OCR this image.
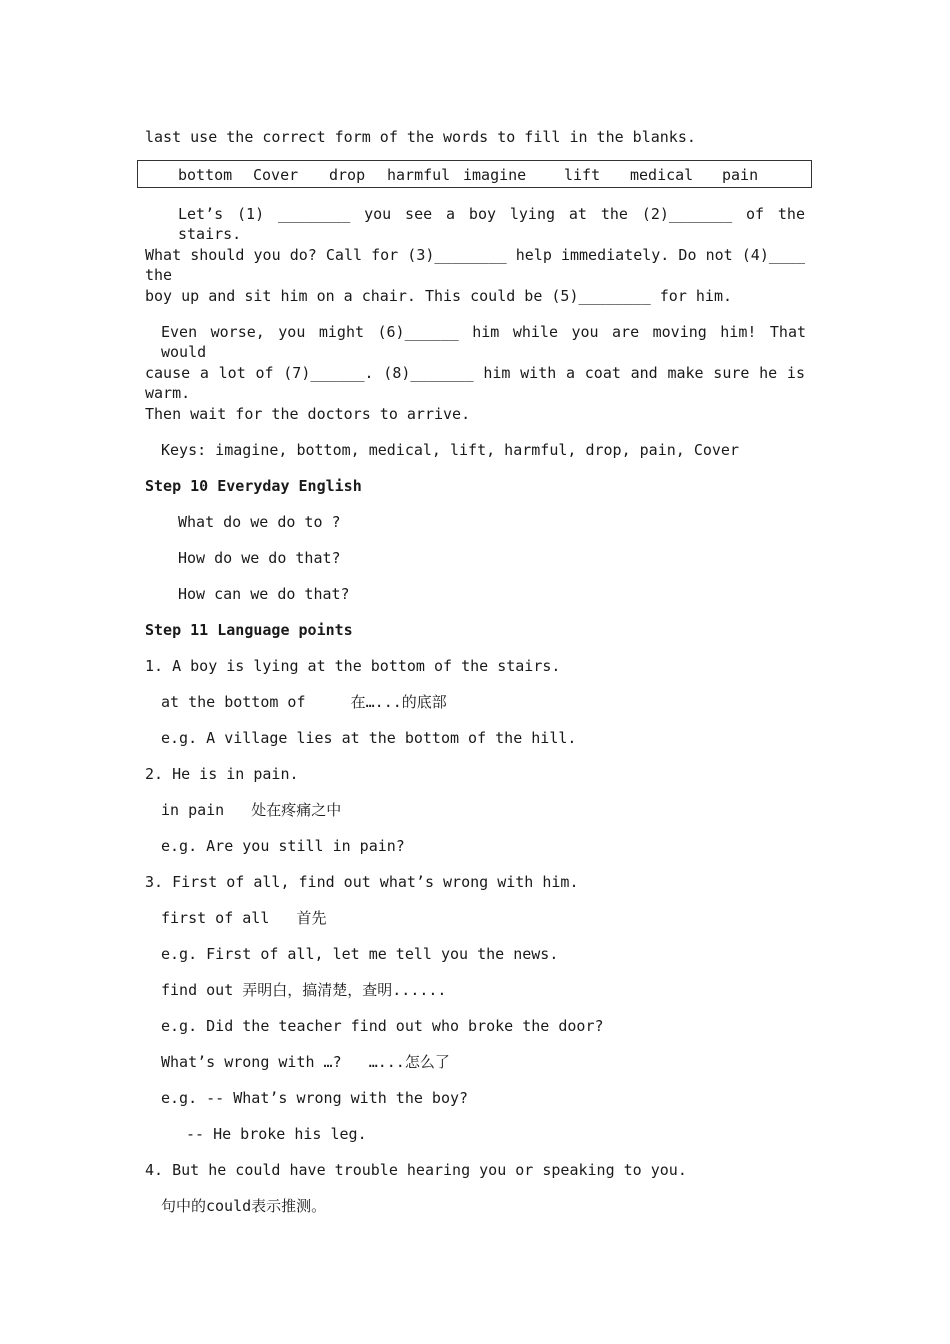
last use the correct form of the words to fill in the blanks.
bottom Cover drop harmful imagine	lift medical pain
Let’s (1) ________ you see a boy lying at the (2)_______ of the stairs.
What should you do? Call for (3)________ help immediately. Do not (4)____ the
boy up and sit him on a chair. This could be (5)________ for him.
Even worse, you might (6)______ him while you are moving him! That would
cause a lot of (7)______. (8)_______ him with a coat and make sure he is warm.
Then wait for the doctors to arrive.
Keys: imagine, bottom, medical, lift, harmful, drop, pain, Cover
Step 10 Everyday English
What do we do to ?
How do we do that?
How can we do that?
Step 11 Language points
1. A boy is lying at the bottom of the stairs.
at the bottom of     在…...的底部
e.g. A village lies at the bottom of the hill.
2. He is in pain.
in pain   处在疼痛之中
e.g. Are you still in pain?
3. First of all, find out what’s wrong with him.
first of all   首先
e.g. First of all, let me tell you the news.
find out 弄明白，搞清楚，查明......
e.g. Did the teacher find out who broke the door?
What’s wrong with …?   …...怎么了
e.g. -- What’s wrong with the boy?
-- He broke his leg.
4. But he could have trouble hearing you or speaking to you.
句中的could表示推测。
